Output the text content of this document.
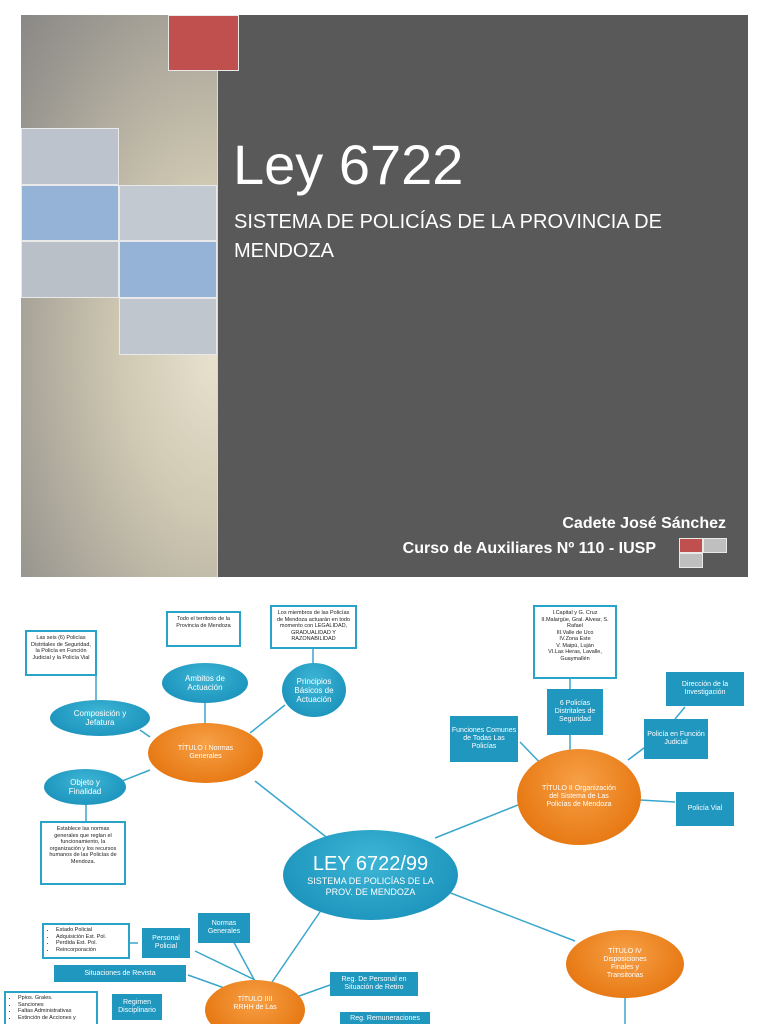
Ley 6722
SISTEMA DE POLICÍAS DE LA PROVINCIA DE MENDOZA
Cadete José Sánchez
Curso de Auxiliares Nº 110 - IUSP
LEY 6722/99
SISTEMA DE POLICÍAS DE LA
PROV. DE MENDOZA
TÍTULO I Normas Generales
Ambitos de Actuación
Todo el territorio de la Provincia de Mendoza
Principios Básicos de Actuación
Los miembros de las Policías de Mendoza actuarán en todo momento con LEGALIDAD, GRADUALIDAD Y RAZONABILIDAD
Composición y Jefatura
Las seis (6) Policías Distritales de Seguridad, la Policía en Función Judicial y la Policía Vial
Objeto y Finalidad
Establece las normas generales que reglan el funcionamiento, la organización y los recursos humanos de las Policías de Mendoza.
TÍTULO II Organización del Sistema de Las Policías de Mendoza
Funciones Comunes de Todas Las Policías
6 Policías Distritales de Seguridad
I.Capital y G. Cruz
II.Malargüe, Gral. Alvear, S. Rafael
III.Valle de Uco
IV.Zona Este
V. Maipú, Luján
VI.Las Heras, Lavalle, Guaymallén
Dirección de la Investigación
Policía en Función Judicial
Policía Vial
TÍTULO IV Disposiciones Finales y Transitorias
TÍTULO IIII RRHH de Las
Personal Policial
Normas Generales
Situaciones de Revista
Regimen Disciplinario
Reg. De Personal en Situación de Retiro
Reg. Remuneraciones
• Estado Policial
• Adquisición Est. Pol.
• Perdida Est. Pol.
• Reincorporación
• Ppios. Grales.
• Sanciones
• Faltas Administrativas
• Extinción de Acciones y
